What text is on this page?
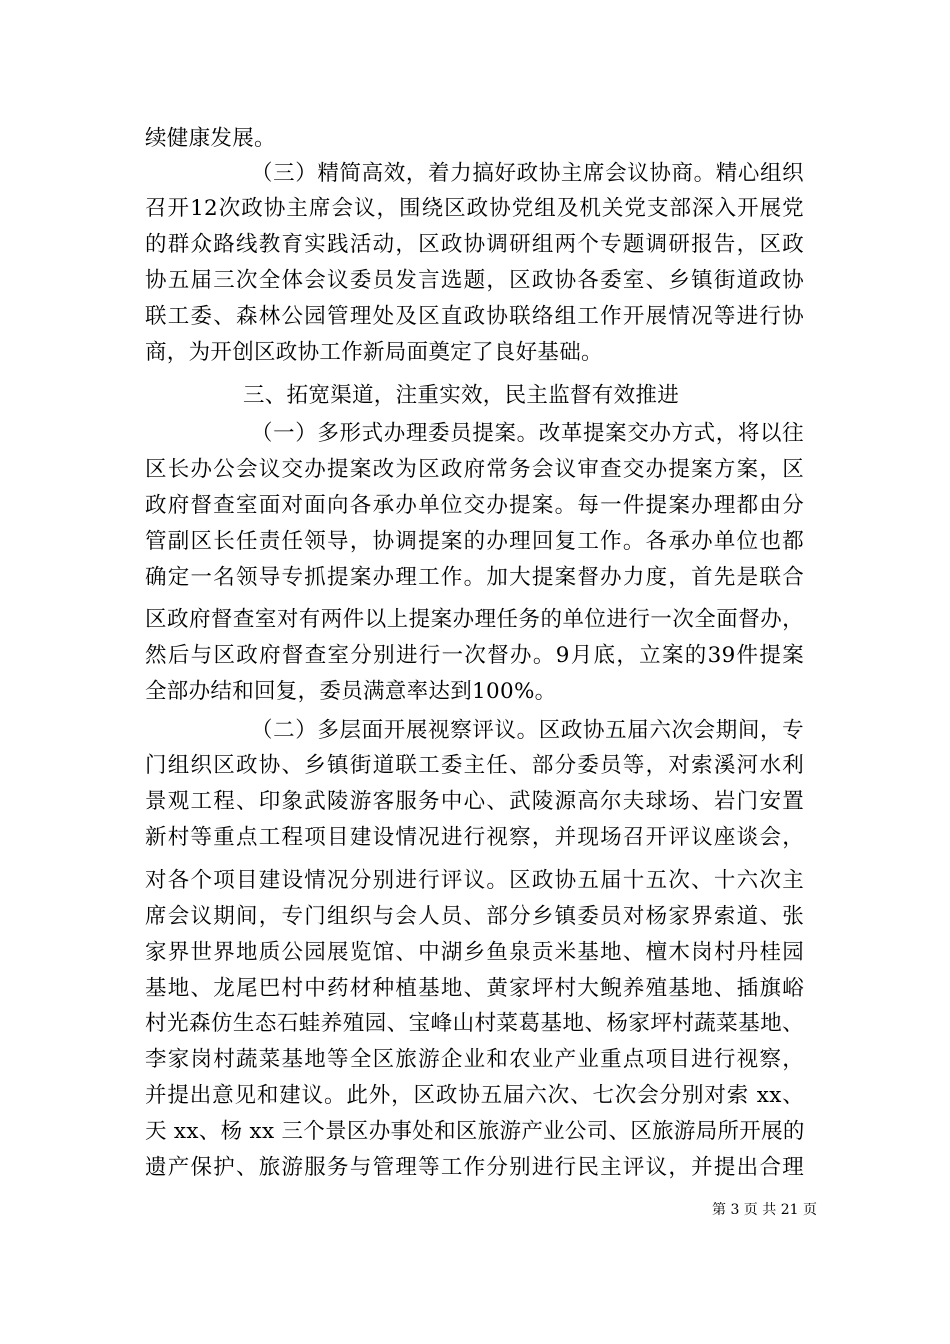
续健康发展。
（三）精简高效，着力搞好政协主席会议协商。精心组织
召开12次政协主席会议，围绕区政协党组及机关党支部深入开展党
的群众路线教育实践活动，区政协调研组两个专题调研报告，区政
协五届三次全体会议委员发言选题，区政协各委室、乡镇街道政协
联工委、森林公园管理处及区直政协联络组工作开展情况等进行协
商，为开创区政协工作新局面奠定了良好基础。
三、拓宽渠道，注重实效，民主监督有效推进
（一）多形式办理委员提案。改革提案交办方式，将以往
区长办公会议交办提案改为区政府常务会议审查交办提案方案，区
政府督查室面对面向各承办单位交办提案。每一件提案办理都由分
管副区长任责任领导，协调提案的办理回复工作。各承办单位也都
确定一名领导专抓提案办理工作。加大提案督办力度，首先是联合
区政府督查室对有两件以上提案办理任务的单位进行一次全面督办，
然后与区政府督查室分别进行一次督办。9月底，立案的39件提案
全部办结和回复，委员满意率达到100%。
（二）多层面开展视察评议。区政协五届六次会期间，专
门组织区政协、乡镇街道联工委主任、部分委员等，对索溪河水利
景观工程、印象武陵游客服务中心、武陵源高尔夫球场、岩门安置
新村等重点工程项目建设情况进行视察，并现场召开评议座谈会，
对各个项目建设情况分别进行评议。区政协五届十五次、十六次主
席会议期间，专门组织与会人员、部分乡镇委员对杨家界索道、张
家界世界地质公园展览馆、中湖乡鱼泉贡米基地、檀木岗村丹桂园
基地、龙尾巴村中药材种植基地、黄家坪村大鲵养殖基地、插旗峪
村光森仿生态石蛙养殖园、宝峰山村菜葛基地、杨家坪村蔬菜基地、
李家岗村蔬菜基地等全区旅游企业和农业产业重点项目进行视察，
并提出意见和建议。此外，区政协五届六次、七次会分别对索 xx、
天 xx、杨 xx 三个景区办事处和区旅游产业公司、区旅游局所开展的
遗产保护、旅游服务与管理等工作分别进行民主评议，并提出合理
第 3 页 共 21 页
